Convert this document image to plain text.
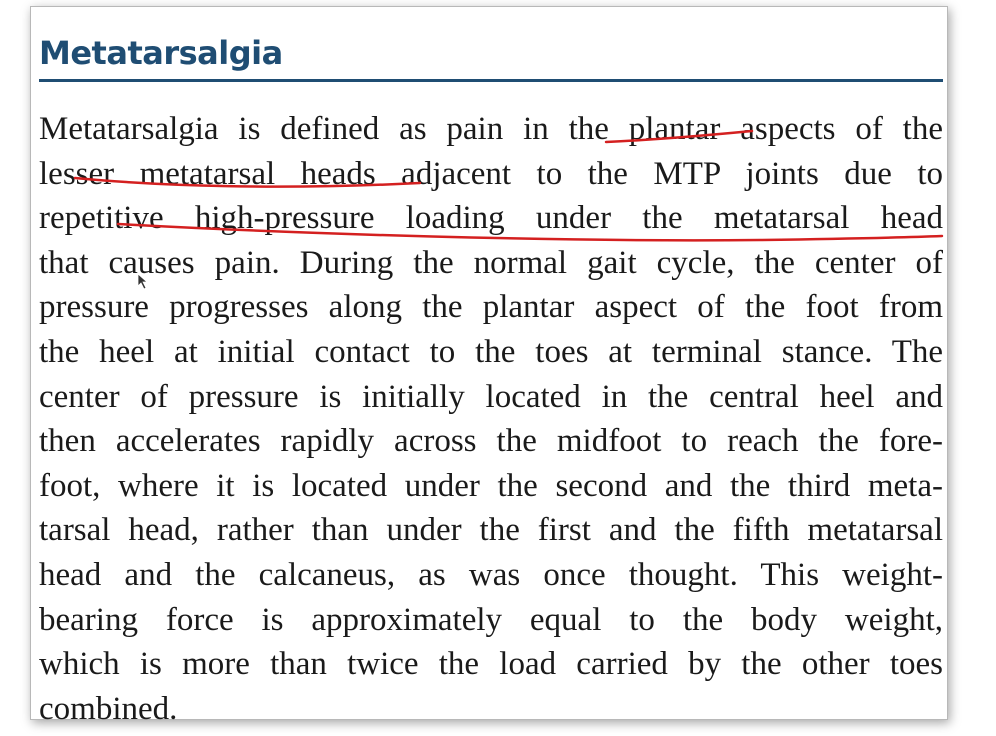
Metatarsalgia
Metatarsalgia is defined as pain in the plantar aspects of the
lesser metatarsal heads adjacent to the MTP joints due to
repetitive high-pressure loading under the metatarsal head
that causes pain. During the normal gait cycle, the center of
pressure progresses along the plantar aspect of the foot from
the heel at initial contact to the toes at terminal stance. The
center of pressure is initially located in the central heel and
then accelerates rapidly across the midfoot to reach the fore-
foot, where it is located under the second and the third meta-
tarsal head, rather than under the first and the fifth metatarsal
head and the calcaneus, as was once thought. This weight-
bearing force is approximately equal to the body weight,
which is more than twice the load carried by the other toes
combined.
